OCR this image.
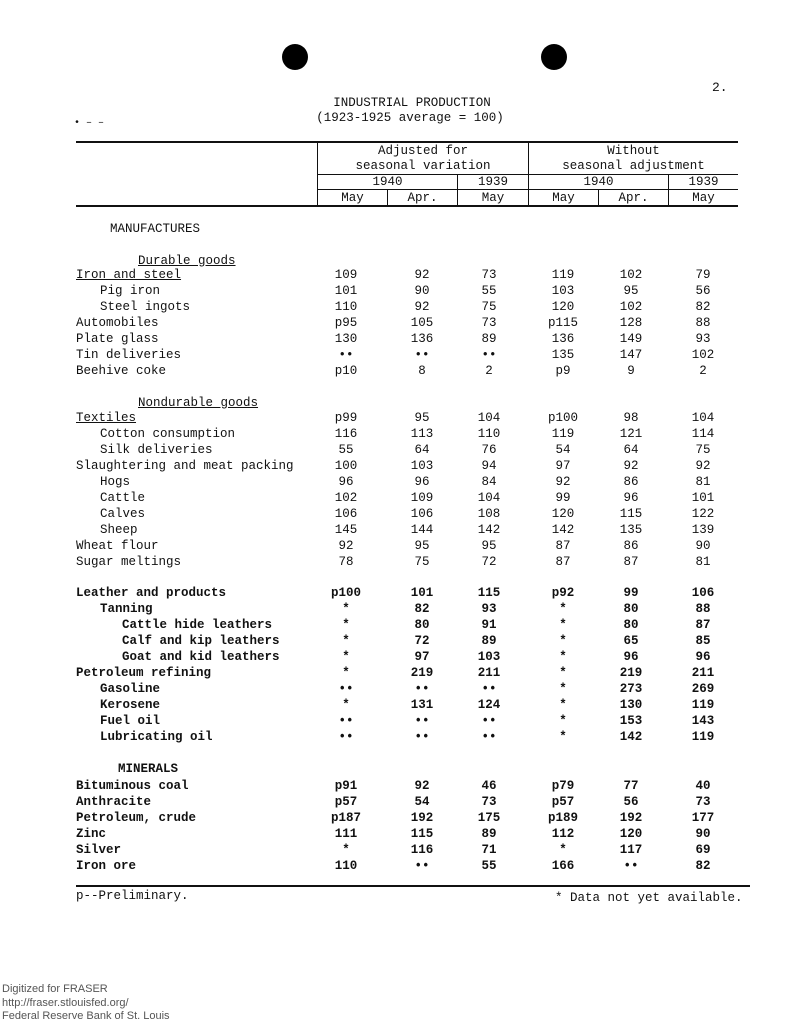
2.
INDUSTRIAL PRODUCTION
(1923-1925 average = 100)
• ‒ ‒
Adjusted for
seasonal variation
Without
seasonal adjustment
1940	1939	1940	1939
May	Apr.	May	May	Apr.	May
MANUFACTURES
Durable goods
Nondurable goods
MINERALS
Iron and steel	109	92	73	119	102	79
Pig iron	101	90	55	103	95	56
Steel ingots	110	92	75	120	102	82
Automobiles	p95	105	73	p115	128	88
Plate glass	130	136	89	136	149	93
Tin deliveries	••	••	••	135	147	102
Beehive coke	p10	8	2	p9	9	2
Textiles	p99	95	104	p100	98	104
Cotton consumption	116	113	110	119	121	114
Silk deliveries	55	64	76	54	64	75
Slaughtering and meat packing	100	103	94	97	92	92
Hogs	96	96	84	92	86	81
Cattle	102	109	104	99	96	101
Calves	106	106	108	120	115	122
Sheep	145	144	142	142	135	139
Wheat flour	92	95	95	87	86	90
Sugar meltings	78	75	72	87	87	81
Leather and products	p100	101	115	p92	99	106
Tanning	*	82	93	*	80	88
Cattle hide leathers	*	80	91	*	80	87
Calf and kip leathers	*	72	89	*	65	85
Goat and kid leathers	*	97	103	*	96	96
Petroleum refining	*	219	211	*	219	211
Gasoline	••	••	••	*	273	269
Kerosene	*	131	124	*	130	119
Fuel oil	••	••	••	*	153	143
Lubricating oil	••	••	••	*	142	119
Bituminous coal	p91	92	46	p79	77	40
Anthracite	p57	54	73	p57	56	73
Petroleum, crude	p187	192	175	p189	192	177
Zinc	111	115	89	112	120	90
Silver	*	116	71	*	117	69
Iron ore	110	••	55	166	••	82
p--Preliminary.	* Data not yet available.
Digitized for FRASER
http://fraser.stlouisfed.org/
Federal Reserve Bank of St. Louis
